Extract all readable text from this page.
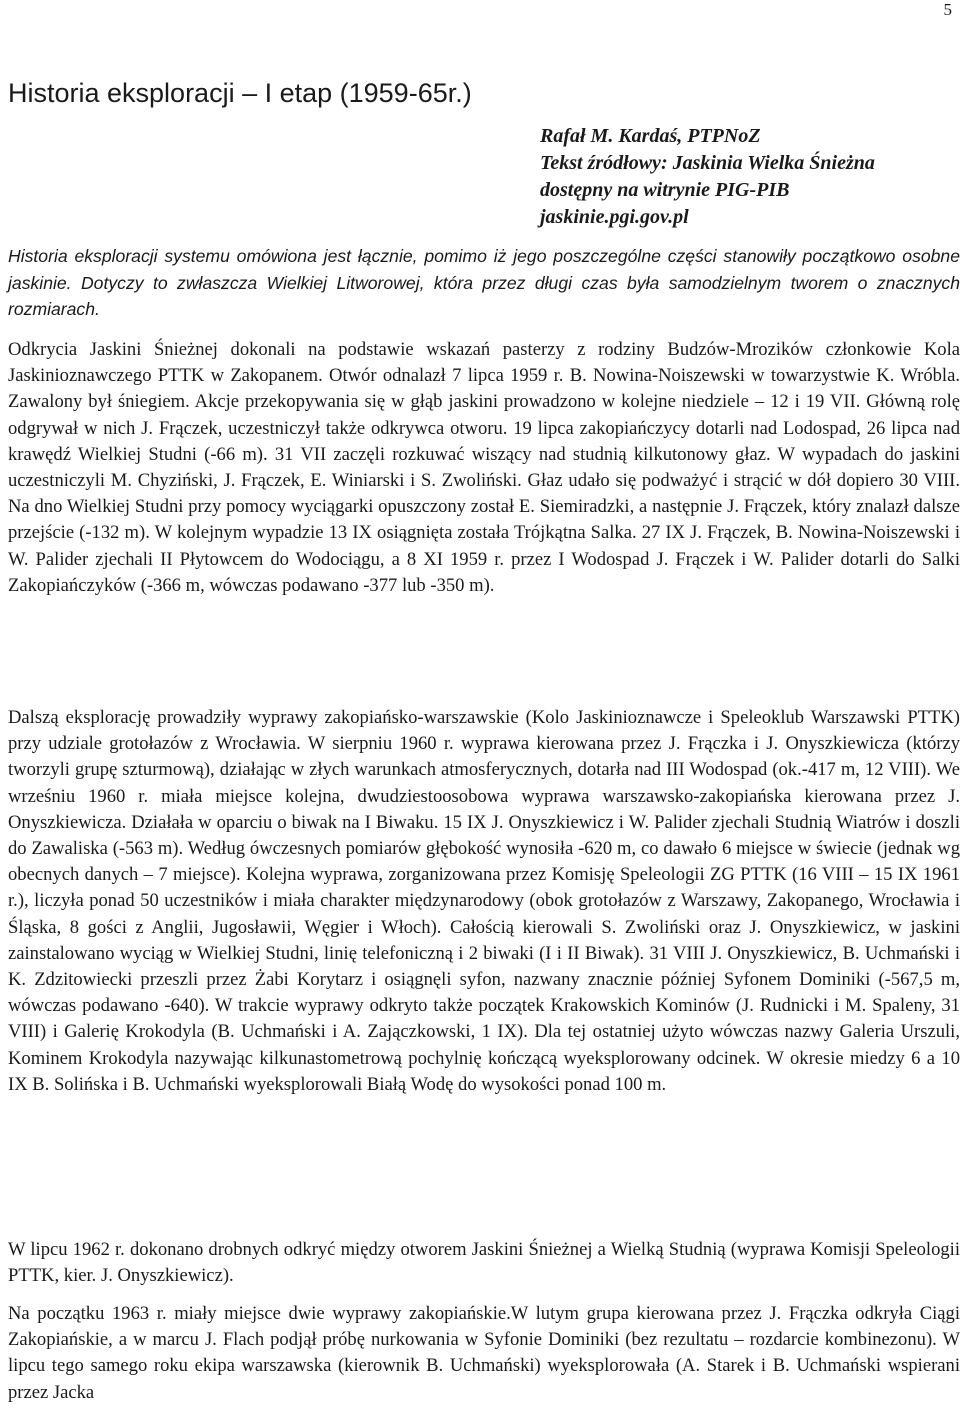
5
Historia eksploracji – I etap (1959-65r.)
Rafał M. Kardaś, PTPNoZ
Tekst źródłowy: Jaskinia Wielka Śnieżna
dostępny na witrynie PIG-PIB
jaskinie.pgi.gov.pl

Historia eksploracji systemu omówiona jest łącznie, pomimo iż jego poszczególne części stanowiły początkowo osobne jaskinie. Dotyczy to zwłaszcza Wielkiej Litworowej, która przez długi czas była samodzielnym tworem o znacznych rozmiarach.

Odkrycia Jaskini Śnieżnej dokonali na podstawie wskazań pasterzy z rodziny Budzów-Mrozików członkowie Kola Jaskinioznawczego PTTK w Zakopanem. Otwór odnalazł 7 lipca 1959 r. B. Nowina-Noiszewski w towarzystwie K. Wróbla. Zawalony był śniegiem. Akcje przekopywania się w głąb jaskini prowadzono w kolejne niedziele – 12 i 19 VII. Główną rolę odgrywał w nich J. Frączek, uczestniczył także odkrywca otworu. 19 lipca zakopiańczycy dotarli nad Lodospad, 26 lipca nad krawędź Wielkiej Studni (-66 m). 31 VII zaczęli rozkuwać wiszący nad studnią kilkutonowy głaz. W wypadach do jaskini uczestniczyli M. Chyziński, J. Frączek, E. Winiarski i S. Zwoliński. Głaz udało się podważyć i strącić w dół dopiero 30 VIII. Na dno Wielkiej Studni przy pomocy wyciągarki opuszczony został E. Siemiradzki, a następnie J. Frączek, który znalazł dalsze przejście (-132 m). W kolejnym wypadzie 13 IX osiągnięta została Trójkątna Salka. 27 IX J. Frączek, B. Nowina-Noiszewski i W. Palider zjechali II Płytowcem do Wodociągu, a 8 XI 1959 r. przez I Wodospad J. Frączek i W. Palider dotarli do Salki Zakopiańczyków (-366 m, wówczas podawano -377 lub -350 m).

Dalszą eksplorację prowadziły wyprawy zakopiańsko-warszawskie (Kolo Jaskinioznawcze i Speleoklub Warszawski PTTK) przy udziale grotołazów z Wrocławia. W sierpniu 1960 r. wyprawa kierowana przez J. Frączka i J. Onyszkiewicza (którzy tworzyli grupę szturmową), działając w złych warunkach atmosferycznych, dotarła nad III Wodospad (ok.-417 m, 12 VIII). We wrześniu 1960 r. miała miejsce kolejna, dwudziestoosobowa wyprawa warszawsko-zakopiańska kierowana przez J. Onyszkiewicza. Działała w oparciu o biwak na I Biwaku. 15 IX J. Onyszkiewicz i W. Palider zjechali Studnią Wiatrów i doszli do Zawaliska (-563 m). Według ówczesnych pomiarów głębokość wynosiła -620 m, co dawało 6 miejsce w świecie (jednak wg obecnych danych – 7 miejsce). Kolejna wyprawa, zorganizowana przez Komisję Speleologii ZG PTTK (16 VIII – 15 IX 1961 r.), liczyła ponad 50 uczestników i miała charakter międzynarodowy (obok grotołazów z Warszawy, Zakopanego, Wrocławia i Śląska, 8 gości z Anglii, Jugosławii, Węgier i Włoch). Całością kierowali S. Zwoliński oraz J. Onyszkiewicz, w jaskini zainstalowano wyciąg w Wielkiej Studni, linię telefoniczną i 2 biwaki (I i II Biwak). 31 VIII J. Onyszkiewicz, B. Uchmański i K. Zdzitowiecki przeszli przez Żabi Korytarz i osiągnęli syfon, nazwany znacznie później Syfonem Dominiki (-567,5 m, wówczas podawano -640). W trakcie wyprawy odkryto także początek Krakowskich Kominów (J. Rudnicki i M. Spaleny, 31 VIII) i Galerię Krokodyla (B. Uchmański i A. Zajączkowski, 1 IX). Dla tej ostatniej użyto wówczas nazwy Galeria Urszuli, Kominem Krokodyla nazywając kilkunastometrową pochylnię kończącą wyeksplorowany odcinek. W okresie miedzy 6 a 10 IX B. Solińska i B. Uchmański wyeksplorowali Białą Wodę do wysokości ponad 100 m.

W lipcu 1962 r. dokonano drobnych odkryć między otworem Jaskini Śnieżnej a Wielką Studnią (wyprawa Komisji Speleologii PTTK, kier. J. Onyszkiewicz).

Na początku 1963 r. miały miejsce dwie wyprawy zakopiańskie.W lutym grupa kierowana przez J. Frączka odkryła Ciągi Zakopiańskie, a w marcu J. Flach podjął próbę nurkowania w Syfonie Dominiki (bez rezultatu – rozdarcie kombinezonu). W lipcu tego samego roku ekipa warszawska (kierownik B. Uchmański) wyeksplorowała (A. Starek i B. Uchmański wspierani przez Jacka
